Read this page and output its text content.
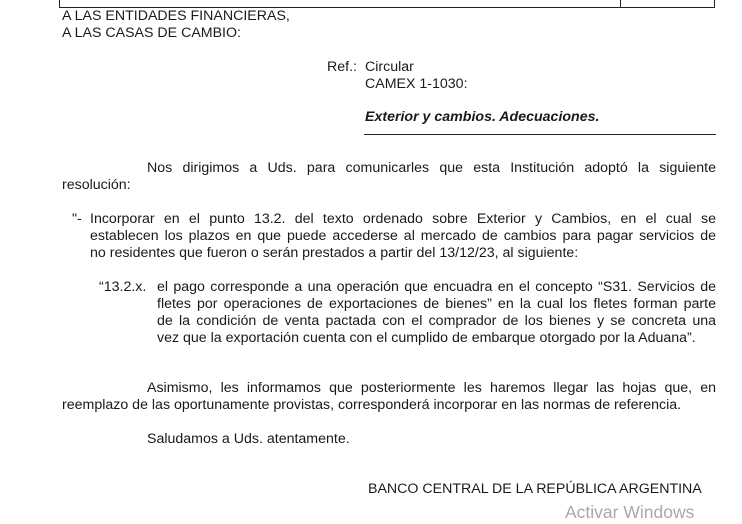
A LAS ENTIDADES FINANCIERAS,
A LAS CASAS DE CAMBIO:
Ref.: Circular
CAMEX 1-1030:
Exterior y cambios. Adecuaciones.
Nos dirigimos a Uds. para comunicarles que esta Institución adoptó la siguiente
resolución:
"- Incorporar en el punto 13.2. del texto ordenado sobre Exterior y Cambios, en el cual se
establecen los plazos en que puede accederse al mercado de cambios para pagar servicios de
no residentes que fueron o serán prestados a partir del 13/12/23, al siguiente:
“13.2.x. el pago corresponde a una operación que encuadra en el concepto “S31. Servicios de
fletes por operaciones de exportaciones de bienes” en la cual los fletes forman parte
de la condición de venta pactada con el comprador de los bienes y se concreta una
vez que la exportación cuenta con el cumplido de embarque otorgado por la Aduana”.
Asimismo, les informamos que posteriormente les haremos llegar las hojas que, en
reemplazo de las oportunamente provistas, corresponderá incorporar en las normas de referencia.
Saludamos a Uds. atentamente.
BANCO CENTRAL DE LA REPÚBLICA ARGENTINA
Activar Windows
